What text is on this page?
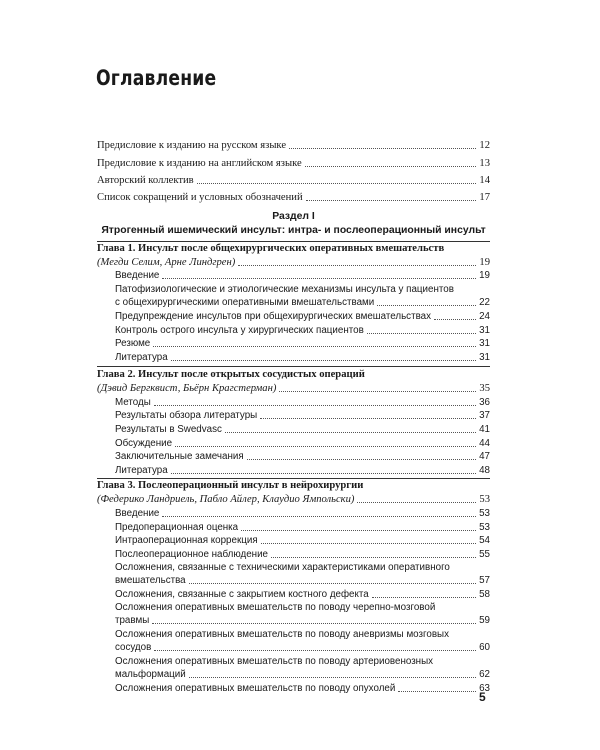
Оглавление
Предисловие к изданию на русском языке	12
Предисловие к изданию на английском языке	13
Авторский коллектив	14
Список сокращений и условных обозначений	17
Раздел I
Ятрогенный ишемический инсульт: интра- и послеоперационный инсульт
Глава 1. Инсульт после общехирургических оперативных вмешательств
(Мегди Селим, Арне Линдгрен)	19
Введение	19
Патофизиологические и этиологические механизмы инсульта у пациентов
с общехирургическими оперативными вмешательствами	22
Предупреждение инсультов при общехирургических вмешательствах	24
Контроль острого инсульта у хирургических пациентов	31
Резюме	31
Литература	31
Глава 2. Инсульт после открытых сосудистых операций
(Дэвид Бергквист, Бьёрн Крагстерман)	35
Методы	36
Результаты обзора литературы	37
Результаты в Swedvasc	41
Обсуждение	44
Заключительные замечания	47
Литература	48
Глава 3. Послеоперационный инсульт в нейрохирургии
(Федерико Ландриель, Пабло Айлер, Клаудио Ямпольски)	53
Введение	53
Предоперационная оценка	53
Интраоперационная коррекция	54
Послеоперационное наблюдение	55
Осложнения, связанные с техническими характеристиками оперативного
вмешательства	57
Осложнения, связанные с закрытием костного дефекта	58
Осложнения оперативных вмешательств по поводу черепно-мозговой
травмы	59
Осложнения оперативных вмешательств по поводу аневризмы мозговых
сосудов	60
Осложнения оперативных вмешательств по поводу артериовенозных
мальформаций	62
Осложнения оперативных вмешательств по поводу опухолей	63
5
